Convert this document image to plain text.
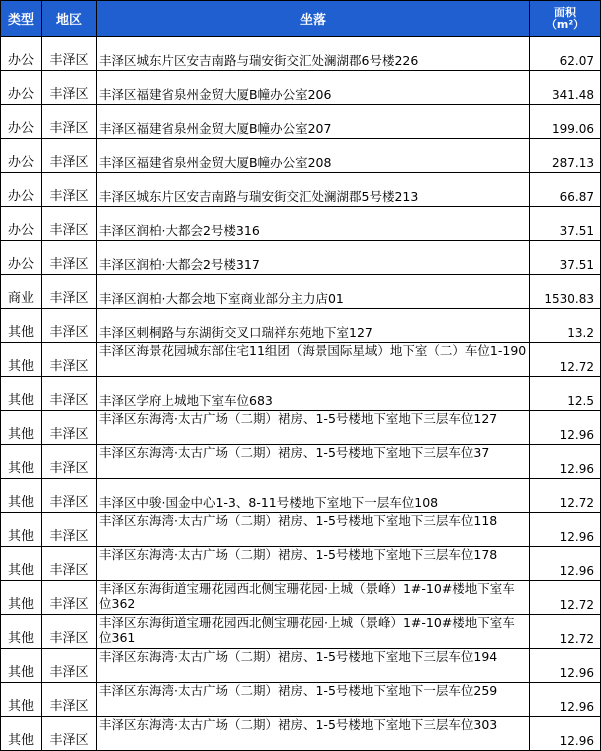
类型	地区	坐落	面积
（m²）
办公	丰泽区	丰泽区城东片区安吉南路与瑞安街交汇处澜湖郡6号楼226	62.07
办公	丰泽区	丰泽区福建省泉州金贸大厦B幢办公室206	341.48
办公	丰泽区	丰泽区福建省泉州金贸大厦B幢办公室207	199.06
办公	丰泽区	丰泽区福建省泉州金贸大厦B幢办公室208	287.13
办公	丰泽区	丰泽区城东片区安吉南路与瑞安街交汇处澜湖郡5号楼213	66.87
办公	丰泽区	丰泽区润柏·大都会2号楼316	37.51
办公	丰泽区	丰泽区润柏·大都会2号楼317	37.51
商业	丰泽区	丰泽区润柏·大都会地下室商业部分主力店01	1530.83
其他	丰泽区	丰泽区刺桐路与东湖街交叉口瑞祥东苑地下室127	13.2
其他	丰泽区	丰泽区海景花园城东部住宅11组团（海景国际星域）地下室（二）车位1-190	12.72
其他	丰泽区	丰泽区学府上城地下室车位683	12.5
其他	丰泽区	丰泽区东海湾·太古广场（二期）裙房、1-5号楼地下室地下三层车位127	12.96
其他	丰泽区	丰泽区东海湾·太古广场（二期）裙房、1-5号楼地下室地下三层车位37	12.96
其他	丰泽区	丰泽区中骏·国金中心1-3、8-11号楼地下室地下一层车位108	12.72
其他	丰泽区	丰泽区东海湾·太古广场（二期）裙房、1-5号楼地下室地下三层车位118	12.96
其他	丰泽区	丰泽区东海湾·太古广场（二期）裙房、1-5号楼地下室地下三层车位178	12.96
其他	丰泽区	丰泽区东海街道宝珊花园西北侧宝珊花园·上城（景峰）1#-10#楼地下室车位362	12.72
其他	丰泽区	丰泽区东海街道宝珊花园西北侧宝珊花园·上城（景峰）1#-10#楼地下室车位361	12.72
其他	丰泽区	丰泽区东海湾·太古广场（二期）裙房、1-5号楼地下室地下三层车位194	12.96
其他	丰泽区	丰泽区东海湾·太古广场（二期）裙房、1-5号楼地下室地下一层车位259	12.96
其他	丰泽区	丰泽区东海湾·太古广场（二期）裙房、1-5号楼地下室地下三层车位303	12.96
